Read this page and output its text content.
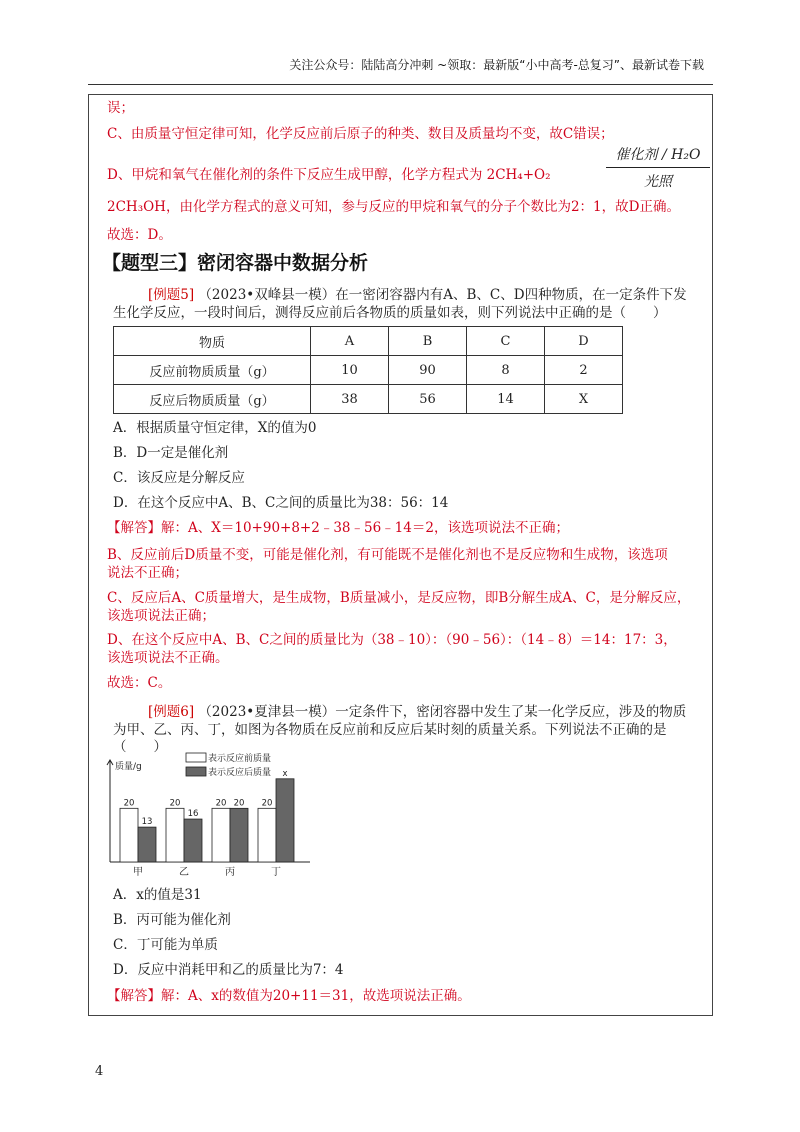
关注公众号：陆陆高分冲刺 ~领取：最新版“小中高考-总复习”、最新试卷下载
误；
C、由质量守恒定律可知，化学反应前后原子的种类、数目及质量均不变，故C错误；
D、甲烷和氧气在催化剂的条件下反应生成甲醇，化学方程式为 2CH₄+O₂
催化剂 / H₂O
光照
2CH₃OH，由化学方程式的意义可知，参与反应的甲烷和氧气的分子个数比为2：1，故D正确。
故选：D。
【题型三】密闭容器中数据分析
[例题5] （2023•双峰县一模）在一密闭容器内有A、B、C、D四种物质，在一定条件下发
生化学反应，一段时间后，测得反应前后各物质的质量如表，则下列说法中正确的是（　　）
物质	A	B	C	D
反应前物质质量（g）	10	90	8	2
反应后物质质量（g）	38	56	14	X
A．根据质量守恒定律，X的值为0
B．D一定是催化剂
C．该反应是分解反应
D．在这个反应中A、B、C之间的质量比为38：56：14
【解答】解：A、X＝10+90+8+2﹣38﹣56﹣14＝2，该选项说法不正确；
B、反应前后D质量不变，可能是催化剂，有可能既不是催化剂也不是反应物和生成物，该选项
说法不正确；
C、反应后A、C质量增大，是生成物，B质量减小，是反应物，即B分解生成A、C，是分解反应，
该选项说法正确；
D、在这个反应中A、B、C之间的质量比为（38﹣10）：（90﹣56）：（14﹣8）＝14：17：3，
该选项说法不正确。
故选：C。
[例题6] （2023•夏津县一模）一定条件下，密闭容器中发生了某一化学反应，涉及的物质
为甲、乙、丙、丁，如图为各物质在反应前和反应后某时刻的质量关系。下列说法不正确的是
（　　）
质量/g
表示反应前质量
表示反应后质量
20
13
甲
20
16
乙
20 20
丙
20
x
丁
A．x的值是31
B．丙可能为催化剂
C．丁可能为单质
D．反应中消耗甲和乙的质量比为7：4
【解答】解：A、x的数值为20+11＝31，故选项说法正确。
4
